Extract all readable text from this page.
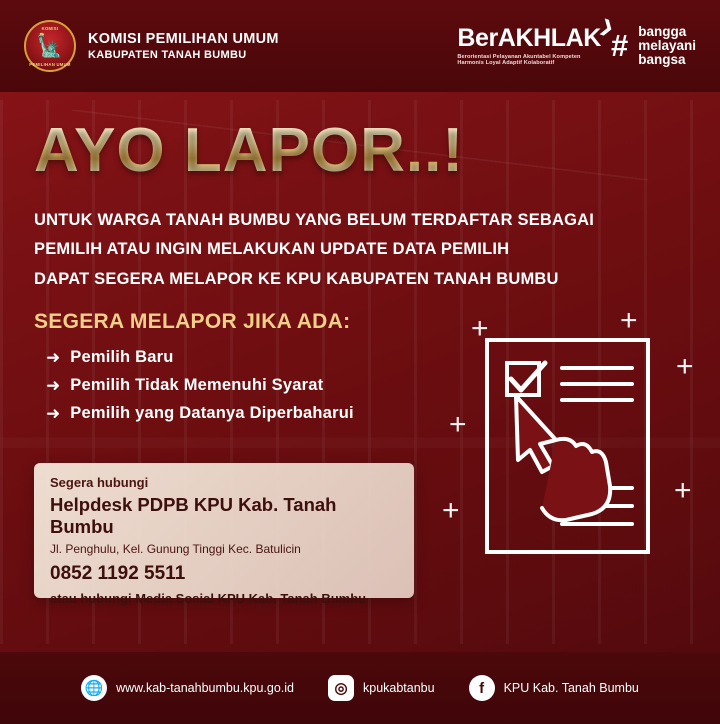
KOMISI
🗽
PEMILIHAN UMUM
KOMISI PEMILIHAN UMUM
KABUPATEN TANAH BUMBU
BerAKHLAK
❯
Berorientasi Pelayanan Akuntabel Kompeten
Harmonis Loyal Adaptif Kolaboratif	# bangga
melayani
bangsa
AYO LAPOR..!
UNTUK WARGA TANAH BUMBU YANG BELUM TERDAFTAR SEBAGAI
PEMILIH ATAU INGIN MELAKUKAN UPDATE DATA PEMILIH
DAPAT SEGERA MELAPOR KE KPU KABUPATEN TANAH BUMBU
SEGERA MELAPOR JIKA ADA:
➜ Pemilih Baru
➜ Pemilih Tidak Memenuhi Syarat
➜ Pemilih yang Datanya Diperbaharui	+
+
+	+
+
+
Segera hubungi
Helpdesk PDPB KPU Kab. Tanah Bumbu
Jl. Penghulu, Kel. Gunung Tinggi Kec. Batulicin
0852 1192 5511
atau hubungi Media Sosial KPU Kab. Tanah Bumbu
🌐 www.kab-tanahbumbu.kpu.go.id	◎	kpukabtanbu	f	KPU Kab. Tanah Bumbu
